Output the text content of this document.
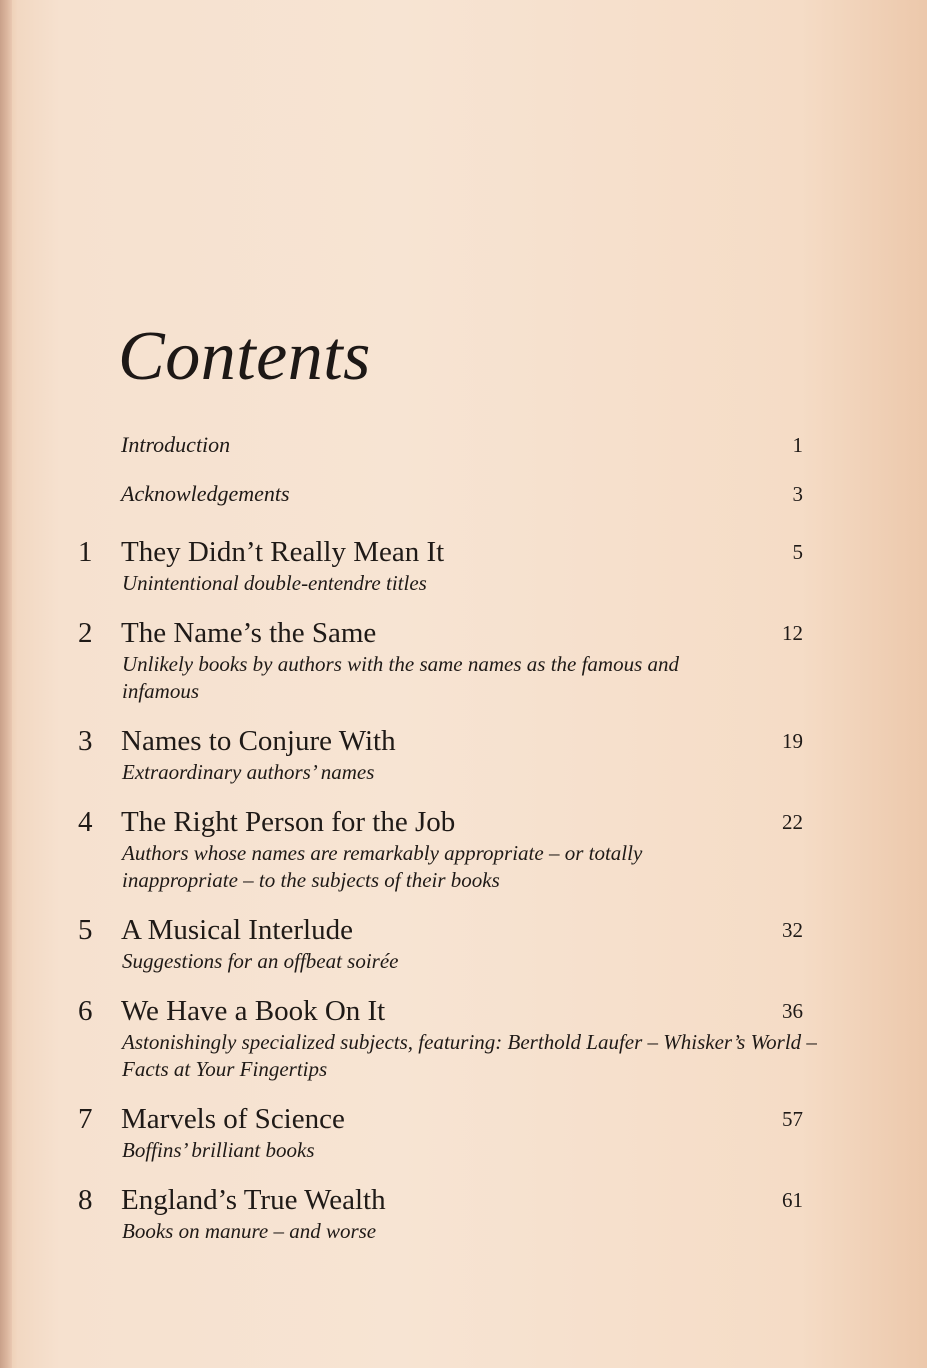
Contents
Introduction	1
Acknowledgements	3
1 They Didn’t Really Mean It	5
Unintentional double-entendre titles
2 The Name’s the Same	12
Unlikely books by authors with the same names as the famous and infamous
3 Names to Conjure With	19
Extraordinary authors’ names
4 The Right Person for the Job	22
Authors whose names are remarkably appropriate – or totally inappropriate – to the subjects of their books
5 A Musical Interlude	32
Suggestions for an offbeat soirée
6 We Have a Book On It	36
Astonishingly specialized subjects, featuring: Berthold Laufer – Whisker’s World – Facts at Your Fingertips
7 Marvels of Science	57
Boffins’ brilliant books
8 England’s True Wealth	61
Books on manure – and worse
